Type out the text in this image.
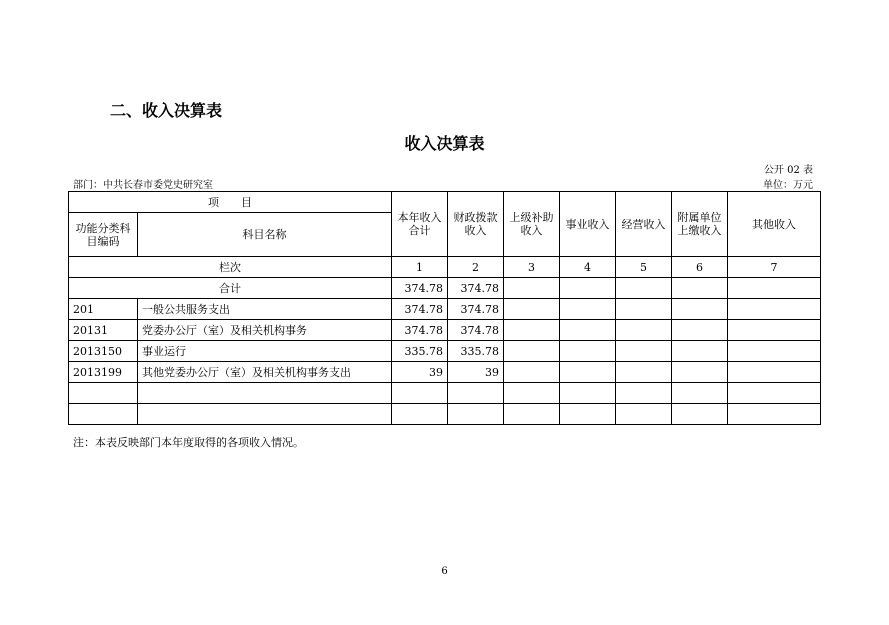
二、收入决算表
收入决算表
公开 02 表
部门：中共长春市委党史研究室	单位：万元
项　　目		本年收入合计	财政拨款收入	上级补助收入	事业收入	经营收入	附属单位上缴收入	其他收入
功能分类科目编码	科目名称							
栏次		1	2	3	4	5	6	7
合计		374.78	374.78					
201	一般公共服务支出	374.78	374.78					
20131	党委办公厅（室）及相关机构事务	374.78	374.78					
2013150	事业运行	335.78	335.78					
2013199	其他党委办公厅（室）及相关机构事务支出	39	39					

注：本表反映部门本年度取得的各项收入情况。
6
